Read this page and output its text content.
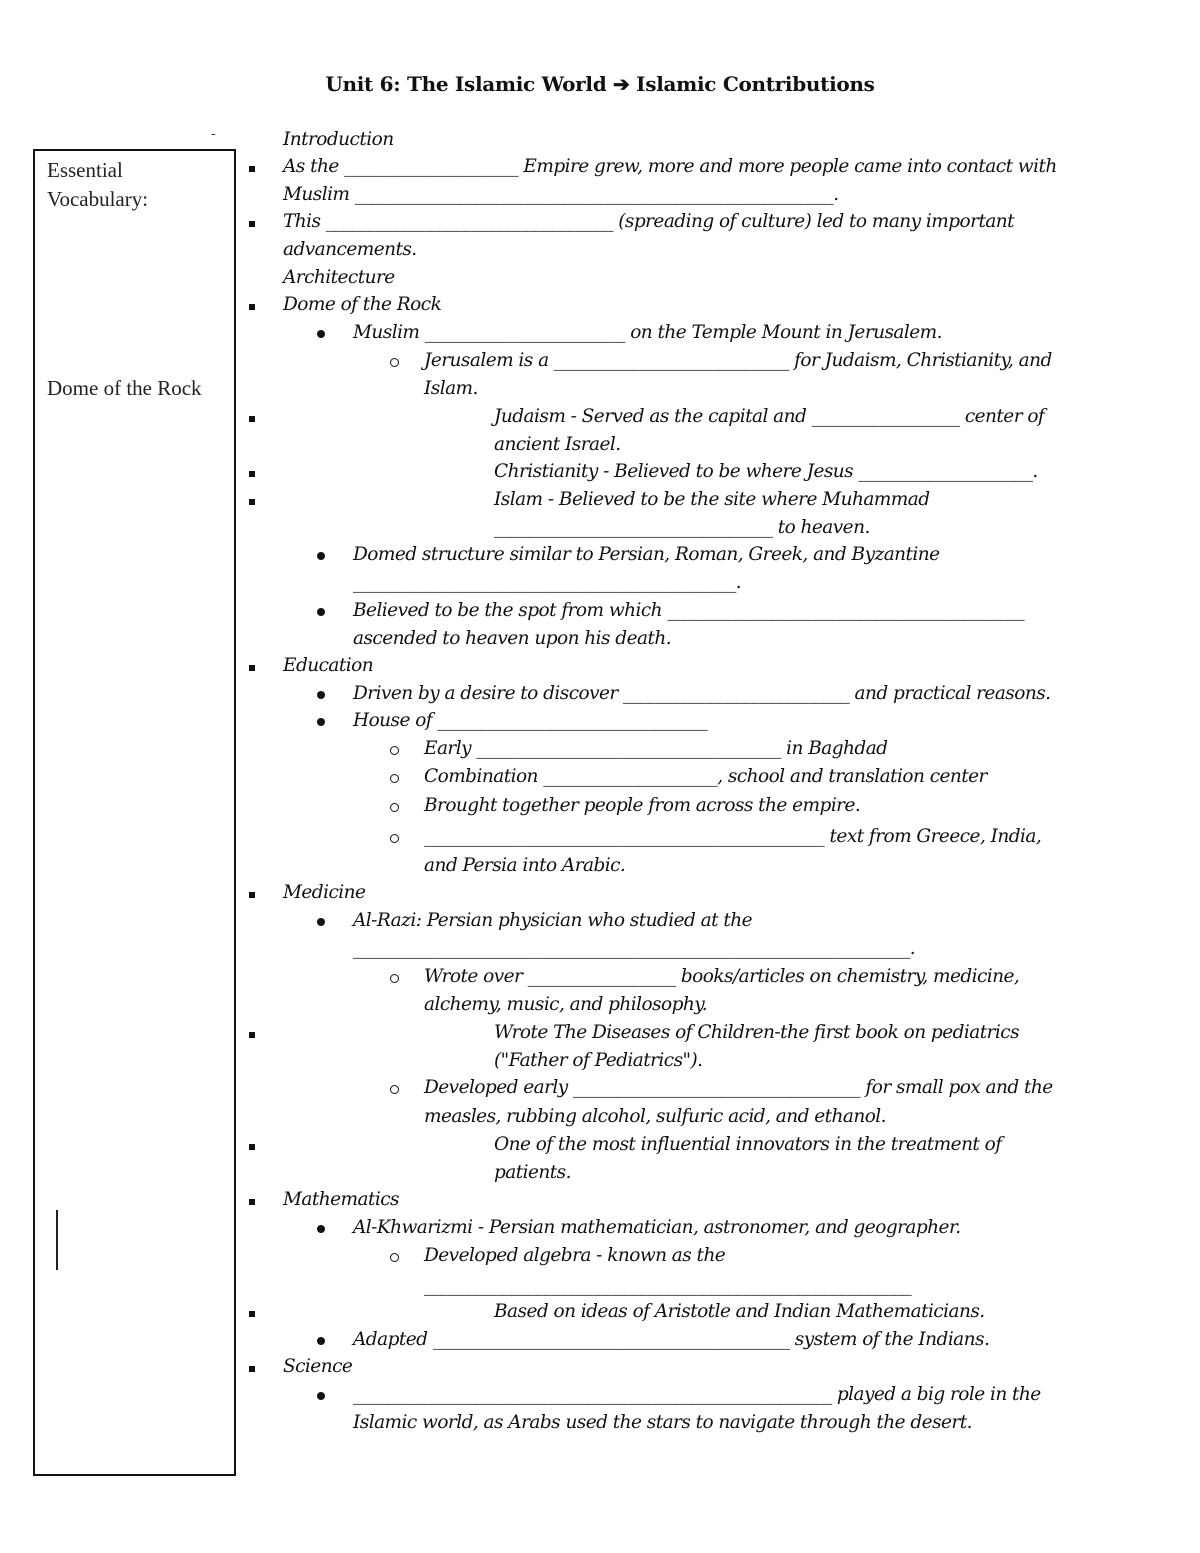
Unit 6: The Islamic World ➔ Islamic Contributions
-
Essential
Vocabulary:
Dome of the Rock
Introduction
As the ____________________ Empire grew, more and more people came into contact with
Muslim _______________________________________________________.
This _________________________________ (spreading of culture) led to many important
advancements.
Architecture
Dome of the Rock
Muslim _______________________ on the Temple Mount in Jerusalem.
Jerusalem is a ___________________________ for Judaism, Christianity, and
Islam.
Judaism - Served as the capital and _________________ center of
ancient Israel.
Christianity - Believed to be where Jesus ____________________.
Islam - Believed to be the site where Muhammad
________________________________ to heaven.
Domed structure similar to Persian, Roman, Greek, and Byzantine
____________________________________________.
Believed to be the spot from which _________________________________________
ascended to heaven upon his death.
Education
Driven by a desire to discover __________________________ and practical reasons.
House of _______________________________
Early ___________________________________ in Baghdad
Combination ____________________, school and translation center
Brought together people from across the empire.
______________________________________________ text from Greece, India,
and Persia into Arabic.
Medicine
Al-Razi: Persian physician who studied at the
________________________________________________________________.
Wrote over _________________ books/articles on chemistry, medicine,
alchemy, music, and philosophy.
Wrote The Diseases of Children-the first book on pediatrics
("Father of Pediatrics").
Developed early _________________________________ for small pox and the
measles, rubbing alcohol, sulfuric acid, and ethanol.
One of the most influential innovators in the treatment of
patients.
Mathematics
Al-Khwarizmi - Persian mathematician, astronomer, and geographer.
Developed algebra - known as the
________________________________________________________
Based on ideas of Aristotle and Indian Mathematicians.
Adapted _________________________________________ system of the Indians.
Science
_______________________________________________________ played a big role in the
Islamic world, as Arabs used the stars to navigate through the desert.
